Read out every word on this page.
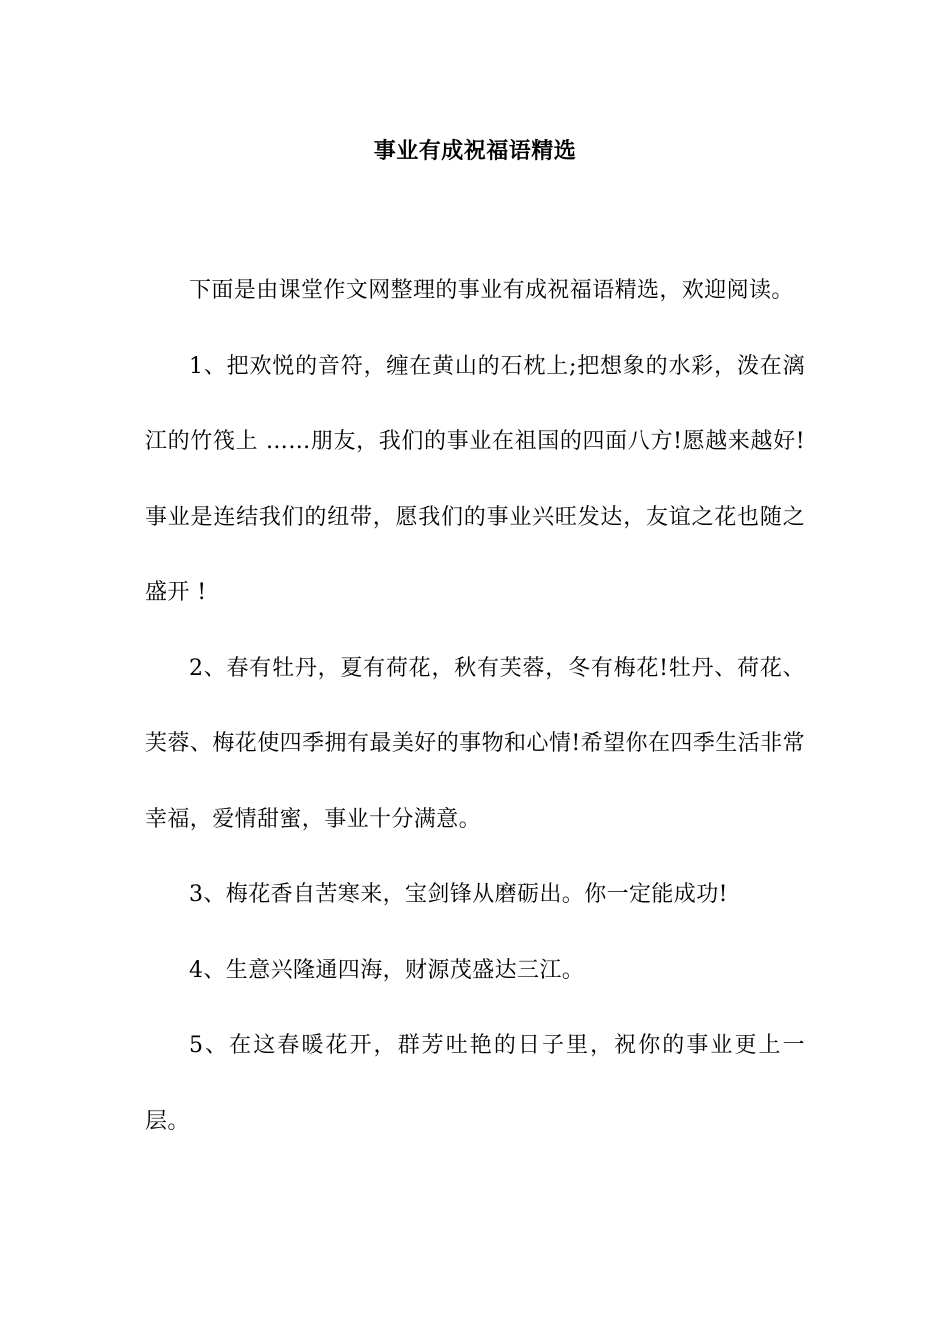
事业有成祝福语精选

下面是由课堂作文网整理的事业有成祝福语精选，欢迎阅读。

1、把欢悦的音符，缠在黄山的石枕上;把想象的水彩，泼在漓江的竹筏上 ……朋友，我们的事业在祖国的四面八方!愿越来越好!事业是连结我们的纽带，愿我们的事业兴旺发达，友谊之花也随之盛开 !

2、春有牡丹，夏有荷花，秋有芙蓉，冬有梅花!牡丹、荷花、芙蓉、梅花使四季拥有最美好的事物和心情!希望你在四季生活非常幸福，爱情甜蜜，事业十分满意。

3、梅花香自苦寒来，宝剑锋从磨砺出。你一定能成功!

4、生意兴隆通四海，财源茂盛达三江。

5、在这春暖花开，群芳吐艳的日子里，祝你的事业更上一层。
